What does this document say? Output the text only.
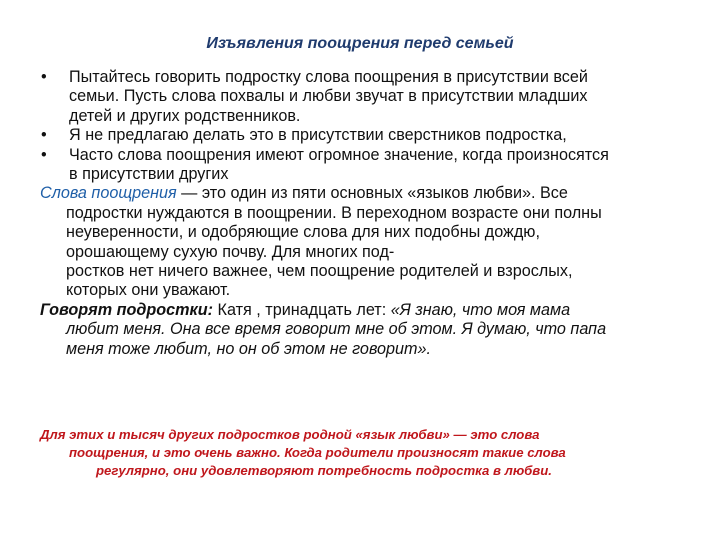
Изъявления поощрения перед семьей
• Пытайтесь говорить подростку слова поощрения в присутствии всей
семьи. Пусть слова похвалы и любви звучат в присутствии младших
детей и других родственников.
• Я не предлагаю делать это в присутствии сверстников подростка,
• Часто слова поощрения имеют огромное значение, когда произносятся
в присутствии других
Слова поощрения — это один из пяти основных «языков любви». Все
подростки нуждаются в поощрении. В переходном возрасте они полны
неуверенности, и одобряющие слова для них подобны дождю,
орошающему сухую почву. Для многих под-
ростков нет ничего важнее, чем поощрение родителей и взрослых,
которых они уважают.
Говорят подростки: Катя , тринадцать лет: «Я знаю, что моя мама
любит меня. Она все время говорит мне об этом. Я думаю, что папа
меня тоже любит, но он об этом не говорит».
Для этих и тысяч других подростков родной «язык любви» — это слова
поощрения, и это очень важно. Когда родители произносят такие слова
регулярно, они удовлетворяют потребность подростка в любви.
